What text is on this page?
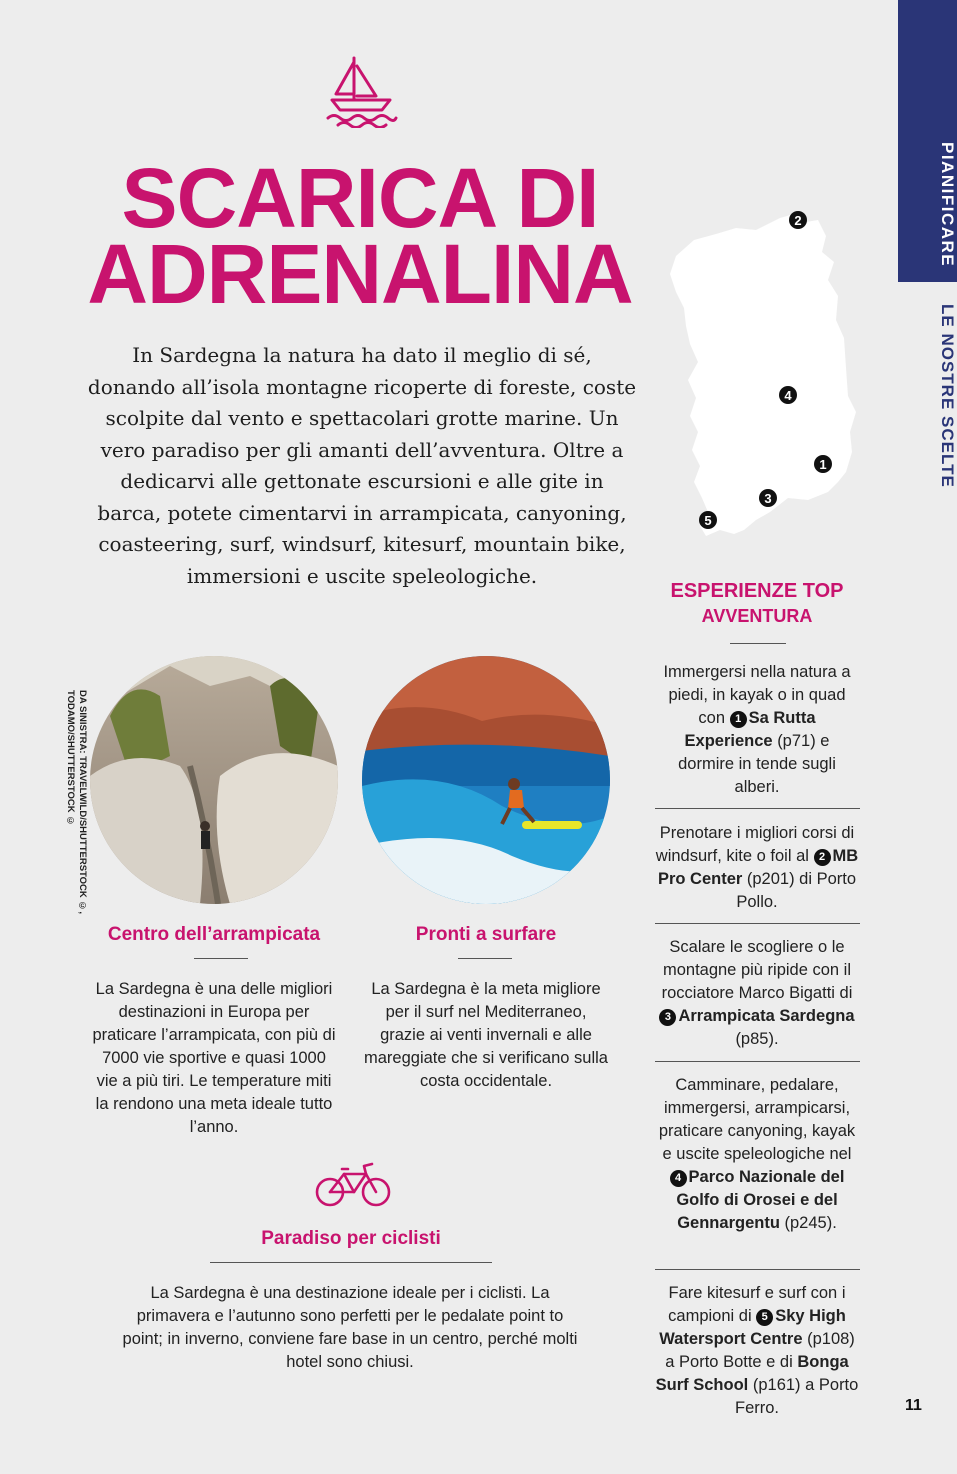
PIANIFICARE
LE NOSTRE SCELTE
SCARICA DI
ADRENALINA
In Sardegna la natura ha dato il meglio di sé, donando all’isola montagne ricoperte di foreste, coste scolpite dal vento e spettacolari grotte marine. Un vero paradiso per gli amanti dell’avventura. Oltre a dedicarvi alle gettonate escursioni e alle gite in barca, potete cimentarvi in arrampicata, canyoning, coasteering, surf, windsurf, kitesurf, mountain bike, immersioni e uscite speleologiche.
2
4
1
3
5
ESPERIENZE TOP
AVVENTURA
Immergersi nella natura a piedi, in kayak o in quad con 1 Sa Rutta Experience (p71) e dormire in tende sugli alberi.
Prenotare i migliori corsi di windsurf, kite o foil al 2 MB Pro Center (p201) di Porto Pollo.
Scalare le scogliere o le montagne più ripide con il rocciatore Marco Bigatti di 3 Arrampicata Sardegna (p85).
Camminare, pedalare, immergersi, arrampicarsi, praticare canyoning, kayak e uscite speleologiche nel 4 Parco Nazionale del Golfo di Orosei e del Gennargentu (p245).
Fare kitesurf e surf con i campioni di 5 Sky High Watersport Centre (p108) a Porto Botte e di Bonga Surf School (p161) a Porto Ferro.
DA SINISTRA: TRAVELWILD/SHUTTERSTOCK ©, TODAMO/SHUTTERSTOCK ©
Centro dell’arrampicata
La Sardegna è una delle migliori destinazioni in Europa per praticare l’arrampicata, con più di 7000 vie sportive e quasi 1000 vie a più tiri. Le temperature miti la rendono una meta ideale tutto l’anno.
Pronti a surfare
La Sardegna è la meta migliore per il surf nel Mediterraneo, grazie ai venti invernali e alle mareggiate che si verificano sulla costa occidentale.
Paradiso per ciclisti
La Sardegna è una destinazione ideale per i ciclisti. La primavera e l’autunno sono perfetti per le pedalate point to point; in inverno, conviene fare base in un centro, perché molti hotel sono chiusi.
11
